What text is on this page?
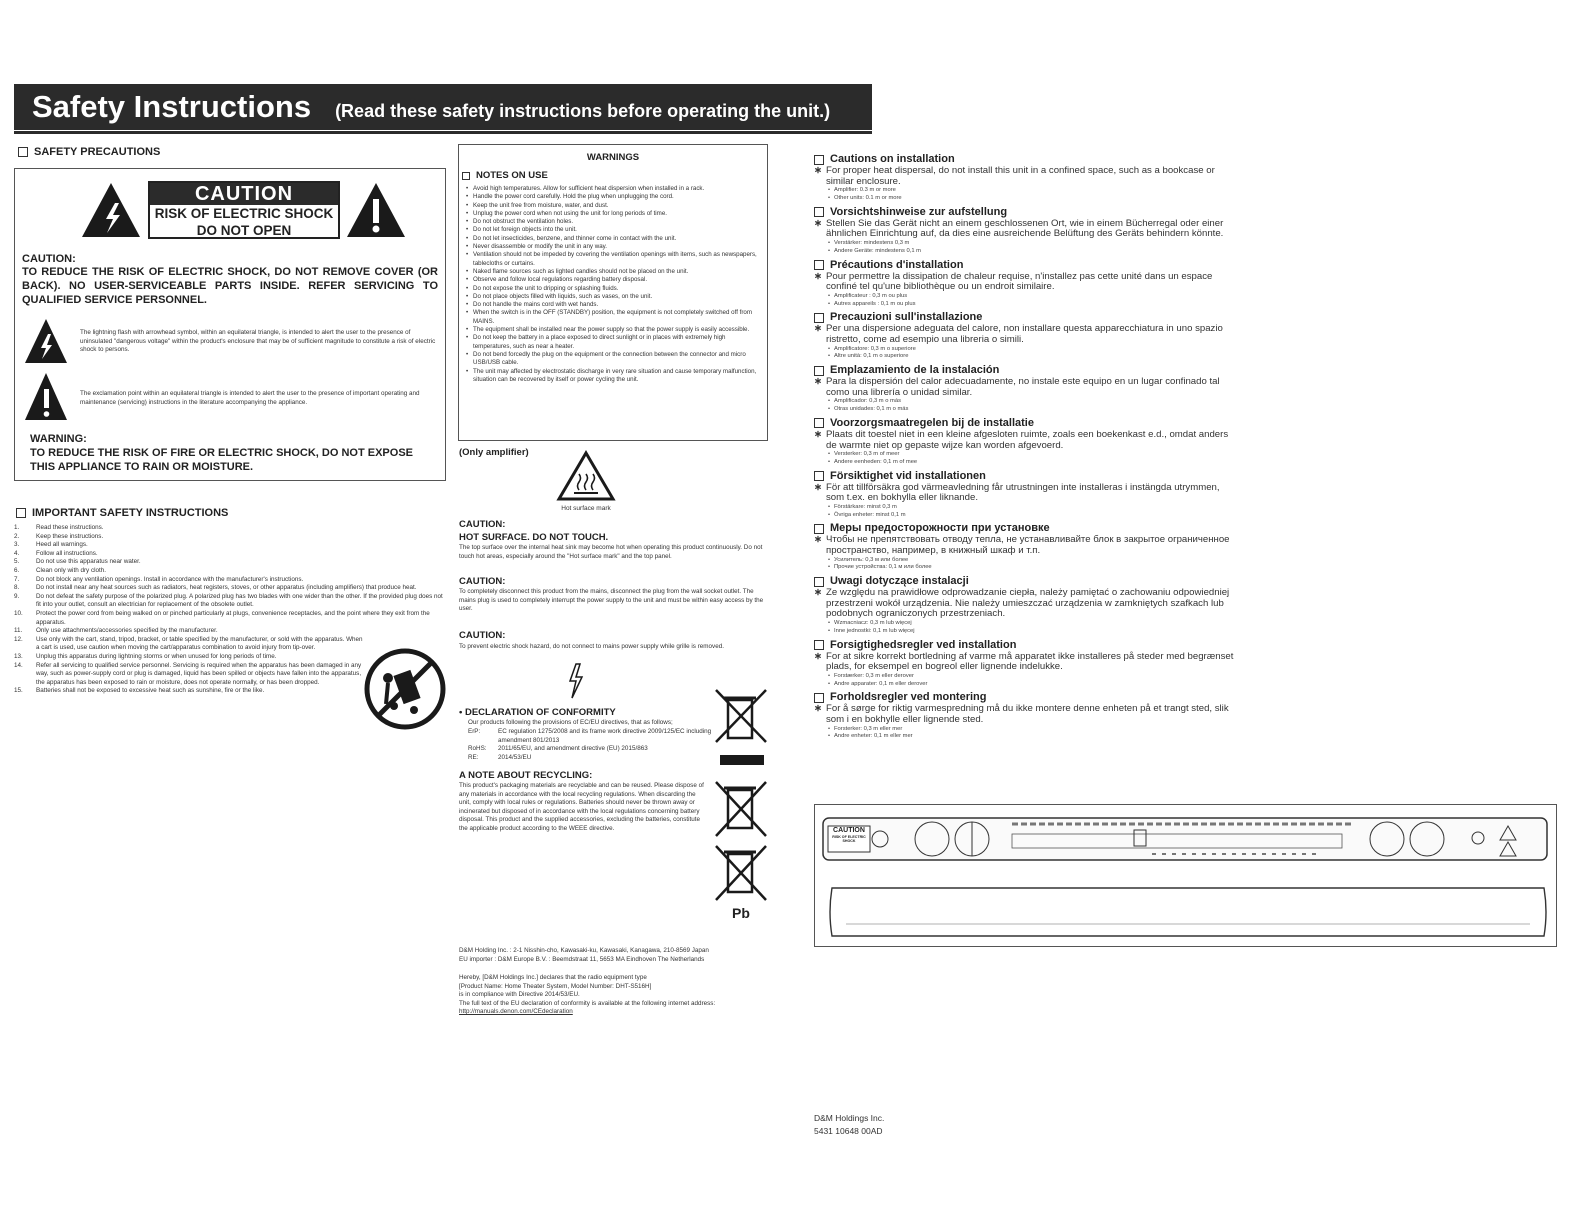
Safety Instructions (Read these safety instructions before operating the unit.)
SAFETY PRECAUTIONS
CAUTION
RISK OF ELECTRIC SHOCK
DO NOT OPEN
CAUTION:
TO REDUCE THE RISK OF ELECTRIC SHOCK, DO NOT REMOVE COVER (OR BACK). NO USER-SERVICEABLE PARTS INSIDE. REFER SERVICING TO QUALIFIED SERVICE PERSONNEL.
The lightning flash with arrowhead symbol, within an equilateral triangle, is intended to alert the user to the presence of uninsulated "dangerous voltage" within the product's enclosure that may be of sufficient magnitude to constitute a risk of electric shock to persons.
The exclamation point within an equilateral triangle is intended to alert the user to the presence of important operating and maintenance (servicing) instructions in the literature accompanying the appliance.
WARNING:
TO REDUCE THE RISK OF FIRE OR ELECTRIC SHOCK, DO NOT EXPOSE THIS APPLIANCE TO RAIN OR MOISTURE.
IMPORTANT SAFETY INSTRUCTIONS
1.	Read these instructions.
2.	Keep these instructions.
3.	Heed all warnings.
4.	Follow all instructions.
5.	Do not use this apparatus near water.
6.	Clean only with dry cloth.
7.	Do not block any ventilation openings. Install in accordance with the manufacturer's instructions.
8.	Do not install near any heat sources such as radiators, heat registers, stoves, or other apparatus (including amplifiers) that produce heat.
9.	Do not defeat the safety purpose of the polarized plug. A polarized plug has two blades with one wider than the other. If the provided plug does not fit into your outlet, consult an electrician for replacement of the obsolete outlet.
10. Protect the power cord from being walked on or pinched particularly at plugs, convenience receptacles, and the point where they exit from the apparatus.
11. Only use attachments/accessories specified by the manufacturer.
12. Use only with the cart, stand, tripod, bracket, or table specified by the manufacturer, or sold with the apparatus. When a cart is used, use caution when moving the cart/apparatus combination to avoid injury from tip-over.
13. Unplug this apparatus during lightning storms or when unused for long periods of time.
14. Refer all servicing to qualified service personnel. Servicing is required when the apparatus has been damaged in any way, such as power-supply cord or plug is damaged, liquid has been spilled or objects have fallen into the apparatus, the apparatus has been exposed to rain or moisture, does not operate normally, or has been dropped.
15. Batteries shall not be exposed to excessive heat such as sunshine, fire or the like.
WARNINGS
NOTES ON USE
• Avoid high temperatures. Allow for sufficient heat dispersion when installed in a rack.
• Handle the power cord carefully. Hold the plug when unplugging the cord.
• Keep the unit free from moisture, water, and dust.
• Unplug the power cord when not using the unit for long periods of time.
• Do not obstruct the ventilation holes.
• Do not let foreign objects into the unit.
• Do not let insecticides, benzene, and thinner come in contact with the unit.
• Never disassemble or modify the unit in any way.
• Ventilation should not be impeded by covering the ventilation openings with items, such as newspapers, tablecloths or curtains.
• Naked flame sources such as lighted candles should not be placed on the unit.
• Observe and follow local regulations regarding battery disposal.
• Do not expose the unit to dripping or splashing fluids.
• Do not place objects filled with liquids, such as vases, on the unit.
• Do not handle the mains cord with wet hands.
• When the switch is in the OFF (STANDBY) position, the equipment is not completely switched off from MAINS.
• The equipment shall be installed near the power supply so that the power supply is easily accessible.
• Do not keep the battery in a place exposed to direct sunlight or in places with extremely high temperatures, such as near a heater.
• Do not bend forcedly the plug on the equipment or the connection between the connector and micro USB/USB cable.
• The unit may affected by electrostatic discharge in very rare situation and cause temporary malfunction, situation can be recovered by itself or power cycling the unit.
(Only amplifier)
Hot surface mark
CAUTION:
HOT SURFACE. DO NOT TOUCH.
The top surface over the internal heat sink may become hot when operating this product continuously. Do not touch hot areas, especially around the "Hot surface mark" and the top panel.
CAUTION:
To completely disconnect this product from the mains, disconnect the plug from the wall socket outlet. The mains plug is used to completely interrupt the power supply to the unit and must be within easy access by the user.
CAUTION:
To prevent electric shock hazard, do not connect to mains power supply while grille is removed.
• DECLARATION OF CONFORMITY
Our products following the provisions of EC/EU directives, that as follows;
ErP:	EC regulation 1275/2008 and its frame work directive 2009/125/EC including amendment 801/2013
RoHS:	2011/65/EU, and amendment directive (EU) 2015/863
RE:	2014/53/EU
A NOTE ABOUT RECYCLING:
This product's packaging materials are recyclable and can be reused. Please dispose of any materials in accordance with the local recycling regulations. When discarding the unit, comply with local rules or regulations. Batteries should never be thrown away or incinerated but disposed of in accordance with the local regulations concerning battery disposal. This product and the supplied accessories, excluding the batteries, constitute the applicable product according to the WEEE directive.
Pb
D&M Holding Inc. : 2-1 Nisshin-cho, Kawasaki-ku, Kawasaki, Kanagawa, 210-8569 Japan
EU importer : D&M Europe B.V. : Beemdstraat 11, 5653 MA Eindhoven The Netherlands
Hereby, [D&M Holdings Inc.] declares that the radio equipment type
[Product Name: Home Theater System, Model Number: DHT-S516H]
is in compliance with Directive 2014/53/EU.
The full text of the EU declaration of conformity is available at the following internet address:
http://manuals.denon.com/CEdeclaration
Cautions on installation
∗ For proper heat dispersal, do not install this unit in a confined space, such as a bookcase or similar enclosure.
• Amplifier: 0.3 m or more
• Other units: 0.1 m or more
Vorsichtshinweise zur aufstellung
∗ Stellen Sie das Gerät nicht an einem geschlossenen Ort, wie in einem Bücherregal oder einer ähnlichen Einrichtung auf, da dies eine ausreichende Belüftung des Geräts behindern könnte.
• Verstärker: mindestens 0,3 m
• Andere Geräte: mindestens 0,1 m
Précautions d'installation
∗ Pour permettre la dissipation de chaleur requise, n'installez pas cette unité dans un espace confiné tel qu'une bibliothèque ou un endroit similaire.
• Amplificateur : 0,3 m ou plus
• Autres appareils : 0,1 m ou plus
Precauzioni sull'installazione
∗ Per una dispersione adeguata del calore, non installare questa apparecchiatura in uno spazio ristretto, come ad esempio una libreria o simili.
• Amplificatore: 0,3 m o superiore
• Altre unità: 0,1 m o superiore
Emplazamiento de la instalación
∗ Para la dispersión del calor adecuadamente, no instale este equipo en un lugar confinado tal como una librería o unidad similar.
• Amplificador: 0,3 m o más
• Otras unidades: 0,1 m o más
Voorzorgsmaatregelen bij de installatie
∗ Plaats dit toestel niet in een kleine afgesloten ruimte, zoals een boekenkast e.d., omdat anders de warmte niet op gepaste wijze kan worden afgevoerd.
• Versterker: 0,3 m of meer
• Andere eenheden: 0,1 m of mee
Försiktighet vid installationen
∗ För att tillförsäkra god värmeavledning får utrustningen inte installeras i instängda utrymmen, som t.ex. en bokhylla eller liknande.
• Förstärkare: minst 0,3 m
• Övriga enheter: minst 0,1 m
Меры предосторожности при установке
∗ Чтобы не препятствовать отводу тепла, не устанавливайте блок в закрытое ограниченное пространство, например, в книжный шкаф и т.п.
• Усилитель: 0,3 м или более
• Прочие устройства: 0,1 м или более
Uwagi dotyczące instalacji
∗ Ze względu na prawidłowe odprowadzanie ciepła, należy pamiętać o zachowaniu odpowiedniej przestrzeni wokół urządzenia. Nie należy umieszczać urządzenia w zamkniętych szafkach lub podobnych ograniczonych przestrzeniach.
• Wzmacniacz: 0,3 m lub więcej
• Inne jednostki: 0,1 m lub więcej
Forsigtighedsregler ved installation
∗ For at sikre korrekt bortledning af varme må apparatet ikke installeres på steder med begrænset plads, for eksempel en bogreol eller lignende indelukke.
• Forstærker: 0,3 m eller derover
• Andre apparater: 0,1 m eller derover
Forholdsregler ved montering
∗ For å sørge for riktig varmespredning må du ikke montere denne enheten på et trangt sted, slik som i en bokhylle eller lignende sted.
• Forsterker: 0,3 m eller mer
• Andre enheter: 0,1 m eller mer
CAUTION
RISK OF ELECTRIC SHOCK
D&M Holdings Inc.
5431 10648 00AD
